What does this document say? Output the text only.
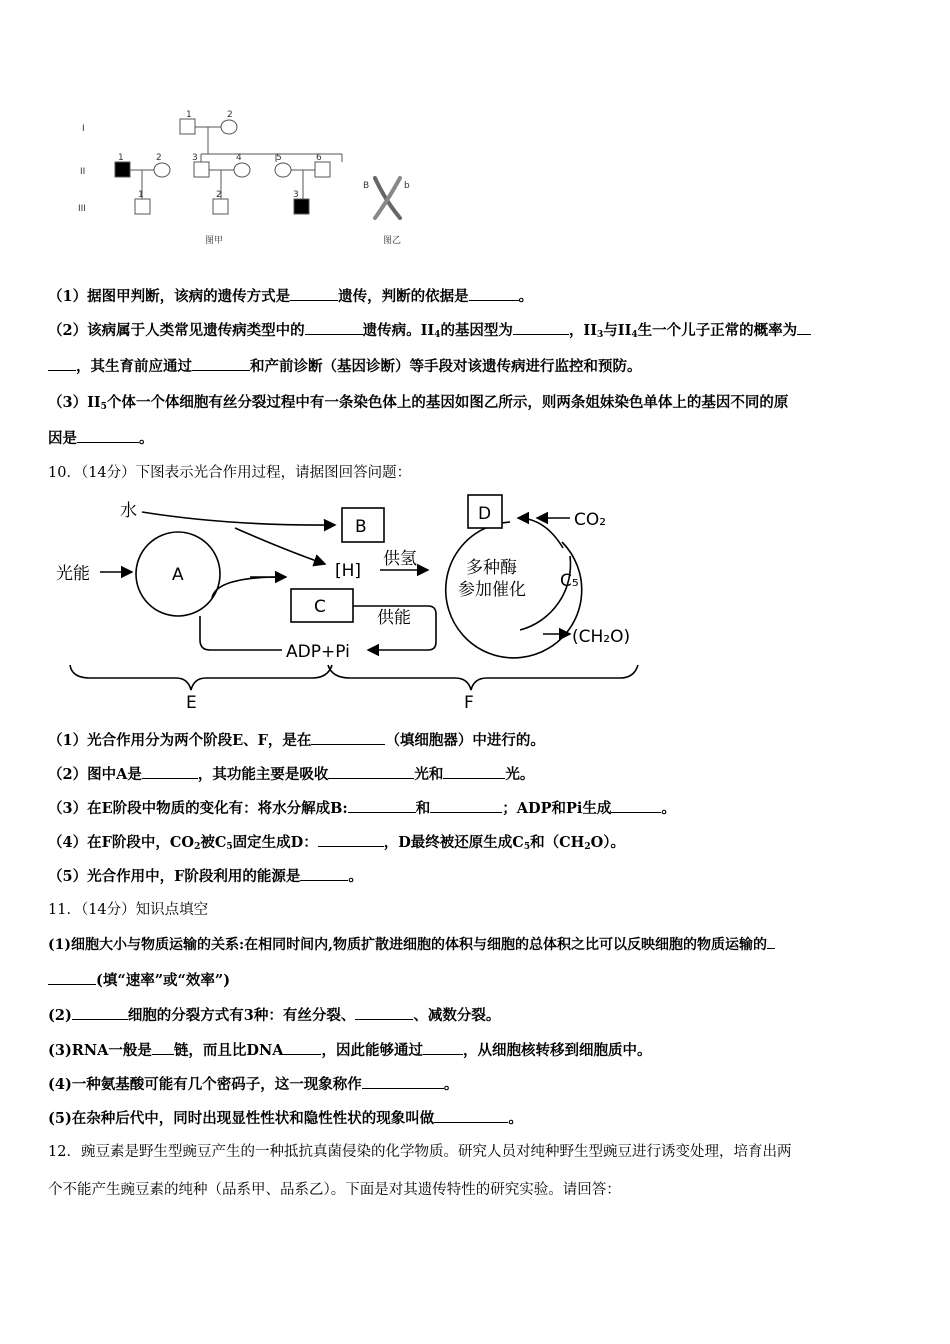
I
II
III
1	2
1	2	3	4	5	6
1	2	3
图甲
B	b
图乙
（1）据图甲判断，该病的遗传方式是	遗传，判断的依据是	。
（2）该病属于人类常见遗传病类型中的	遗传病。$II_4$的基因型为	，$II_3$与$II_4$生一个儿子正常的概率为
，其生育前应通过	和产前诊断（基因诊断）等手段对该遗传病进行监控和预防。
$(3)II_5$个体一个体细胞有丝分裂过程中有一条染色体上的基因如图乙所示，则两条姐妹染色单体上的基因不同的原
因是	。
10．（14分）下图表示光合作用过程，请据图回答问题：
水
光能	A
B
[H]
供氢
C
供能
ADP+Pi
D	CO₂
多种酶
参加催化 C₅
(CH₂O)
E	F
（1）光合作用分为两个阶段E、F，是在	（填细胞器）中进行的。
（2）图中A是	，其功能主要是吸收	光和	光。
（3）在E阶段中物质的变化有：将水分解成B:	和	；ADP和Pi生成	。
（4）在F阶段中，$CO_2$被$C_5$固定生成D：	，D最终被还原生成$C_5$和$(CH_2O)$。
（5）光合作用中，F阶段利用的能源是	。
11．（14分）知识点填空
(1)细胞大小与物质运输的关系:在相同时间内,物质扩散进细胞的体积与细胞的总体积之比可以反映细胞的物质运输的
(填“速率”或“效率”)
(2)	细胞的分裂方式有3种：有丝分裂、	、减数分裂。
(3)RNA一般是 链，而且比DNA	，因此能够通过	，从细胞核转移到细胞质中。
(4)一种氨基酸可能有几个密码子，这一现象称作	。
(5)在杂种后代中，同时出现显性性状和隐性性状的现象叫做	。
12．豌豆素是野生型豌豆产生的一种抵抗真菌侵染的化学物质。研究人员对纯种野生型豌豆进行诱变处理，培育出两
个不能产生豌豆素的纯种（品系甲、品系乙）。下面是对其遗传特性的研究实验。请回答：
